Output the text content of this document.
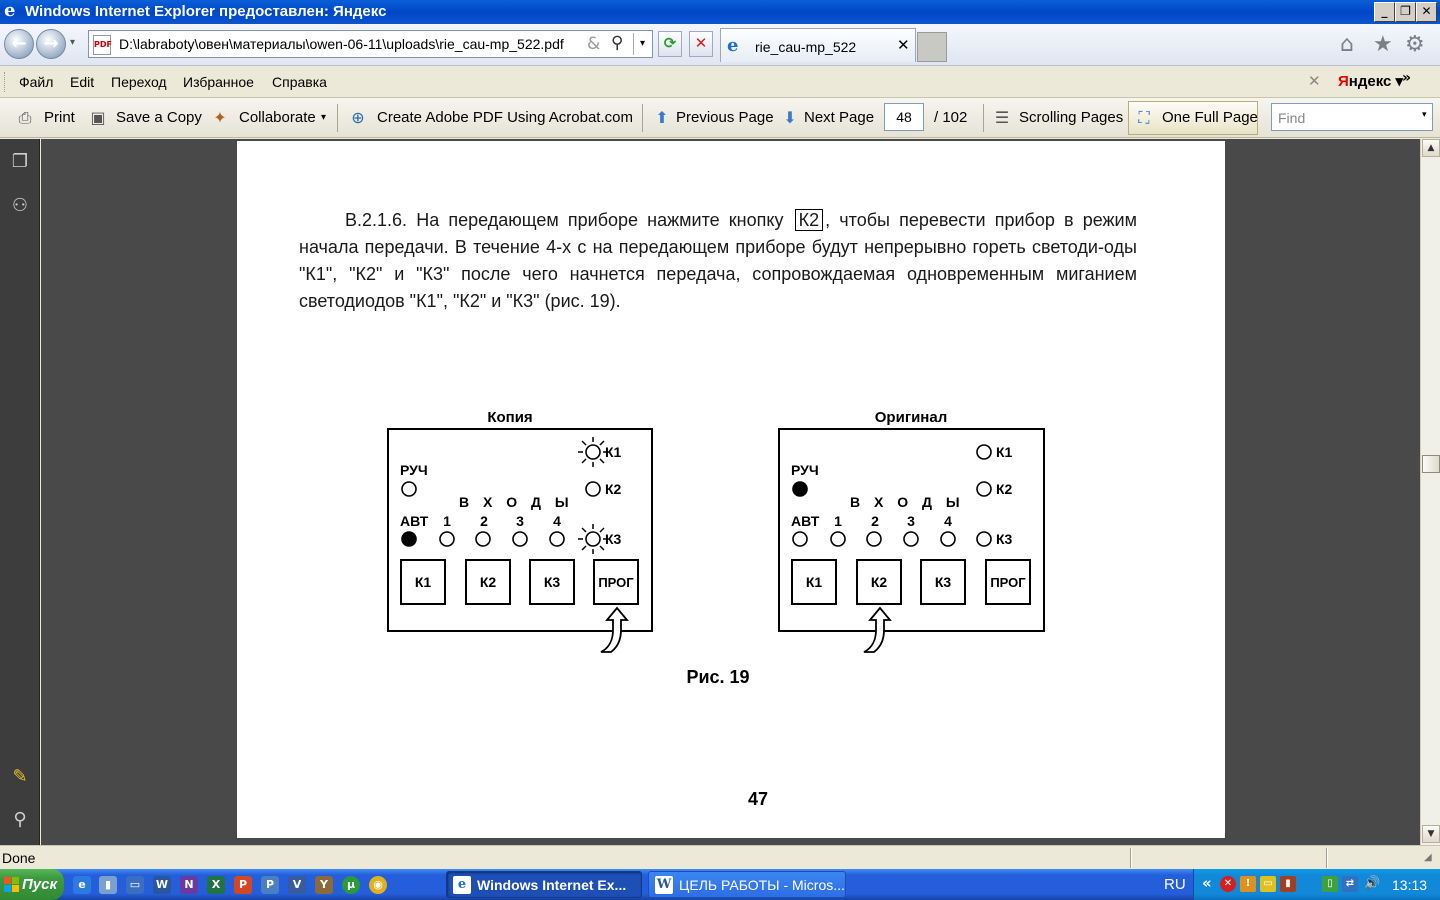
e Windows Internet Explorer предоставлен: Яндекс	_	❐ ✕
← →	▾ PDF D:\labraboty\овен\материалы\owen-06-11\uploads\rie_cau-mp_522.pdf & ⚲	▾	⟳	✕	e	rie_cau-mp_522	✕	⌂ ★ ⚙
Файл Edit Переход Избранное Справка	✕ Яндекс ▾
»
⎙ Print ▣ Save a Copy ✦ Collaborate ▾ ⊕ Create Adobe PDF Using Acrobat.com ⬆ Previous Page ⬇ Next Page	48	/ 102 ☰ Scrolling Pages ⛶ One Full Page Find	▾
❐
⚇
✎
⚲
В.2.1.6. На передающем приборе нажмите кнопку К2 , чтобы перевести прибор в режим начала передачи. В течение 4-х с на передающем приборе будут непрерывно гореть светоди-оды "К1", "К2" и "К3" после чего начнется передача, сопровождаемая одновременным миганием светодиодов "К1", "К2" и "К3" (рис. 19).
Копия
РУЧ
В Х О Д Ы
АВТ 1 2 3 4
К1
К2
К3
К1	К2	К3	ПРОГ
Оригинал
РУЧ
В Х О Д Ы
АВТ 1 2 3 4
К1
К2
К3
К1	К2	К3	ПРОГ
Рис. 19
47
▲
▼
Done	◢
Пуск	e	▮	▭	W	N	X	P	P	V	Y	μ	◉	e Windows Internet Ex...	W ЦЕЛЬ РАБОТЫ - Micros...	RU «	✕	!	▭	▮	▯	⇄ 🔊 13:13
